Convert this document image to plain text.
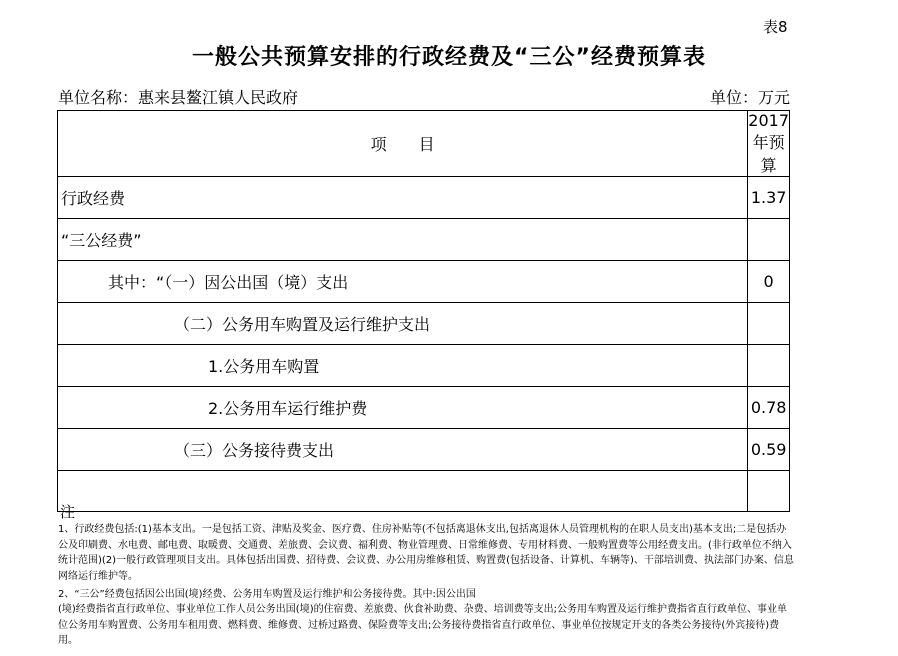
表8
一般公共预算安排的行政经费及“三公”经费预算表
单位名称：惠来县鳌江镇人民政府	单位：万元
项　　目	2017年预算
行政经费	1.37
“三公经费”	
其中：“（一）因公出国（境）支出	0
（二）公务用车购置及运行维护支出	
1.公务用车购置	
2.公务用车运行维护费	0.78
（三）公务接待费支出	0.59

注
1、行政经费包括:(1)基本支出。一是包括工资、津贴及奖金、医疗费、住房补贴等(不包括离退休支出,包括离退休人员管理机构的在职人员支出)基本支出;二是包括办公及印刷费、水电费、邮电费、取暖费、交通费、差旅费、会议费、福利费、物业管理费、日常维修费、专用材料费、一般购置费等公用经费支出。(非行政单位不纳入统计范围)(2)一般行政管理项目支出。具体包括出国费、招待费、会议费、办公用房维修租赁、购置费(包括设备、计算机、车辆等)、干部培训费、执法部门办案、信息网络运行维护等。
2、“三公”经费包括因公出国(境)经费、公务用车购置及运行维护和公务接待费。其中:因公出国
(境)经费指省直行政单位、事业单位工作人员公务出国(境)的住宿费、差旅费、伙食补助费、杂费、培训费等支出;公务用车购置及运行维护费指省直行政单位、事业单位公务用车购置费、公务用车租用费、燃料费、维修费、过桥过路费、保险费等支出;公务接待费指省直行政单位、事业单位按规定开支的各类公务接待(外宾接待)费用。
